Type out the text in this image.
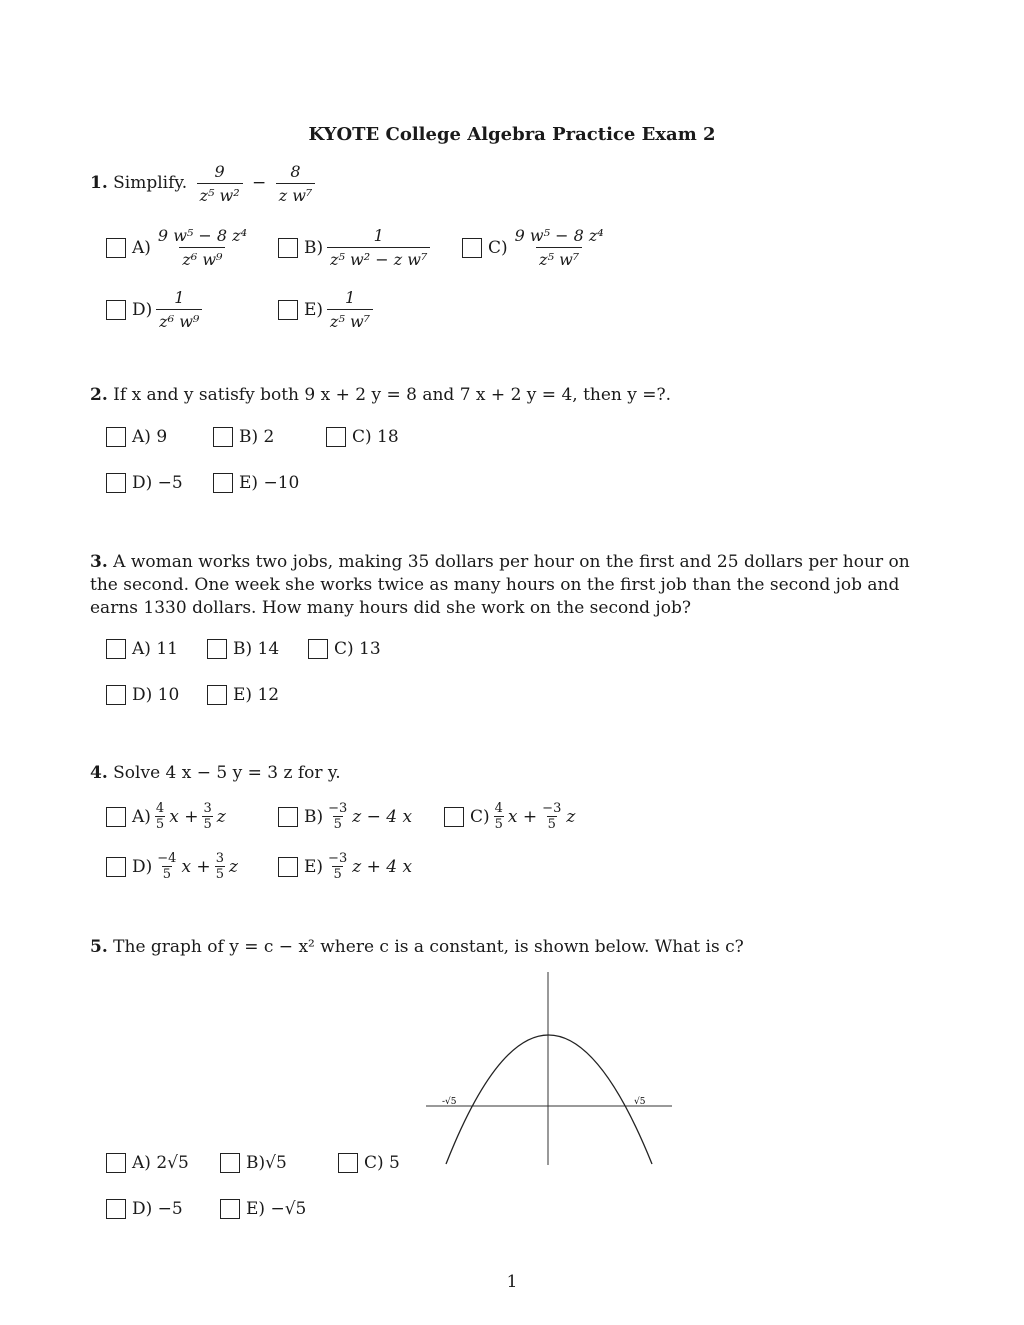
KYOTE College Algebra Practice Exam 2
1. Simplify. $\frac{9}{\text{z⁵ w²}} - \frac{8}{\text{z w⁷}}$
$A) \frac{\text{9 w⁵ − 8 z⁴}}{\text{z⁶ w⁹}}$	$B) \frac{1}{\text{z⁵ w² − z w⁷}}$	$C) \frac{\text{9 w⁵ − 8 z⁴}}{\text{z⁵ w⁷}}$
$D) \frac{1}{\text{z⁶ w⁹}}$	$E) \frac{1}{\text{z⁵ w⁷}}$
2. If x and y satisfy both 9 x + 2 y = 8 and 7 x + 2 y = 4, then y =?.
A) 9	B) 2	C) 18
D) −5	E) −10
3. A woman works two jobs, making 35 dollars per hour on the first and 25 dollars per hour on the second. One week she works twice as many hours on the first job than the second job and earns 1330 dollars. How many hours did she work on the second job?
A) 11	B) 14	C) 13
D) 10	E) 12
4. Solve 4 x − 5 y = 3 z for y.
$A) \frac{4}{5}$ $x + \frac{3}{5}$ z	$B) \frac{-3}{5}$ z − 4 x	$C) \frac{4}{5}$ $x + \frac{-3}{5}$ z
$D) \frac{-4}{5}$ $x + \frac{3}{5}$ z	$E) \frac{-3}{5}$ z + 4 x
5. The graph of y = c − x² where c is a constant, is shown below. What is c?
-√5	√5
A) 2√5	B)√5	C) 5
D) −5	E) −√5
1
